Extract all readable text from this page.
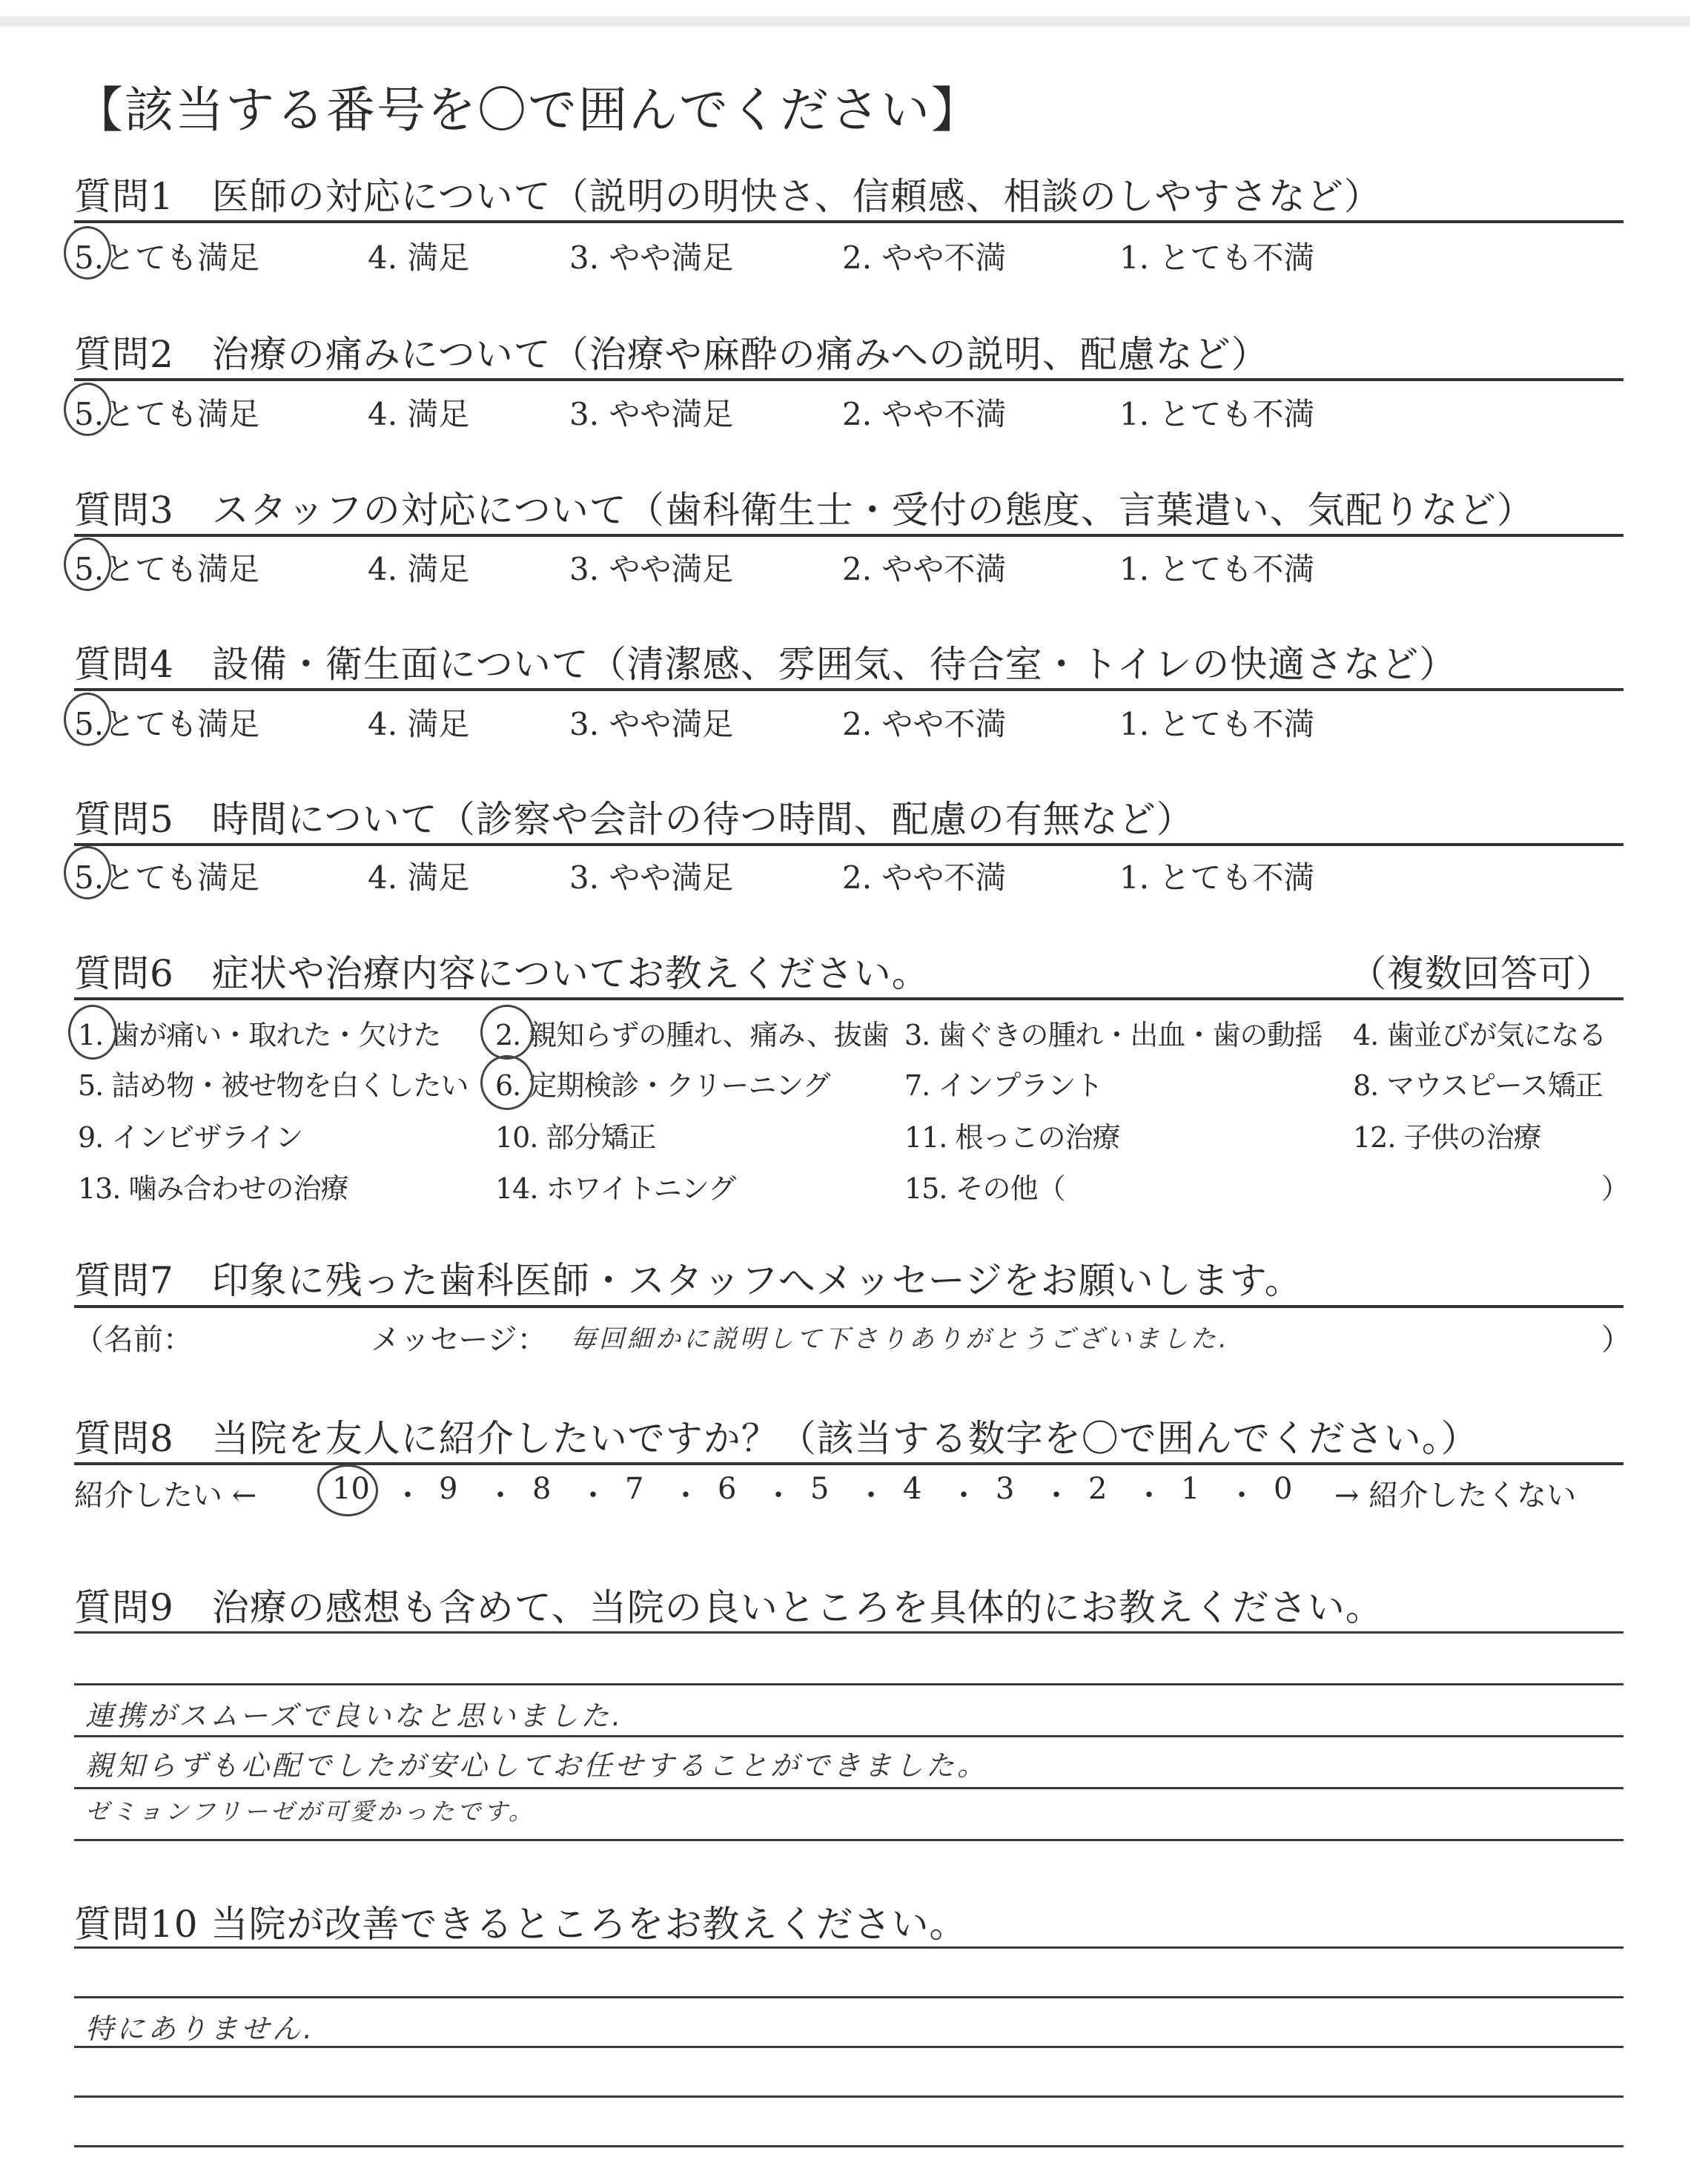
【該当する番号を〇で囲んでください】
質問1　医師の対応について（説明の明快さ、信頼感、相談のしやすさなど）
5.とても満足	4. 満足	3. やや満足	2. やや不満	1. とても不満
質問2　治療の痛みについて（治療や麻酔の痛みへの説明、配慮など）
5.とても満足	4. 満足	3. やや満足	2. やや不満	1. とても不満
質問3　スタッフの対応について（歯科衛生士・受付の態度、言葉遣い、気配りなど）
5.とても満足	4. 満足	3. やや満足	2. やや不満	1. とても不満
質問4　設備・衛生面について（清潔感、雰囲気、待合室・トイレの快適さなど）
5.とても満足	4. 満足	3. やや満足	2. やや不満	1. とても不満
質問5　時間について（診察や会計の待つ時間、配慮の有無など）
5.とても満足	4. 満足	3. やや満足	2. やや不満	1. とても不満
質問6　症状や治療内容についてお教えください。	（複数回答可）
1. 歯が痛い・取れた・欠けた 2. 親知らずの腫れ、痛み、抜歯 3. 歯ぐきの腫れ・出血・歯の動揺 4. 歯並びが気になる
5. 詰め物・被せ物を白くしたい 6. 定期検診・クリーニング	7. インプラント	8. マウスピース矯正
9. インビザライン	10. 部分矯正	11. 根っこの治療	12. 子供の治療
13. 噛み合わせの治療	14. ホワイトニング	15. その他（	）
質問7　印象に残った歯科医師・スタッフへメッセージをお願いします。
（名前：	メッセージ： 毎回細かに説明して下さりありがとうございました.	）
質問8　当院を友人に紹介したいですか？（該当する数字を〇で囲んでください。）
紹介したい ←	10 ・ 9 ・ 8 ・ 7 ・ 6 ・ 5 ・ 4 ・ 3 ・ 2 ・ 1 ・ 0 → 紹介したくない
質問9　治療の感想も含めて、当院の良いところを具体的にお教えください。
連携がスムーズで良いなと思いました.
親知らずも心配でしたが安心してお任せすることができました。
ゼミョンフリーゼが可愛かったです。
質問10 当院が改善できるところをお教えください。
特にありません.
